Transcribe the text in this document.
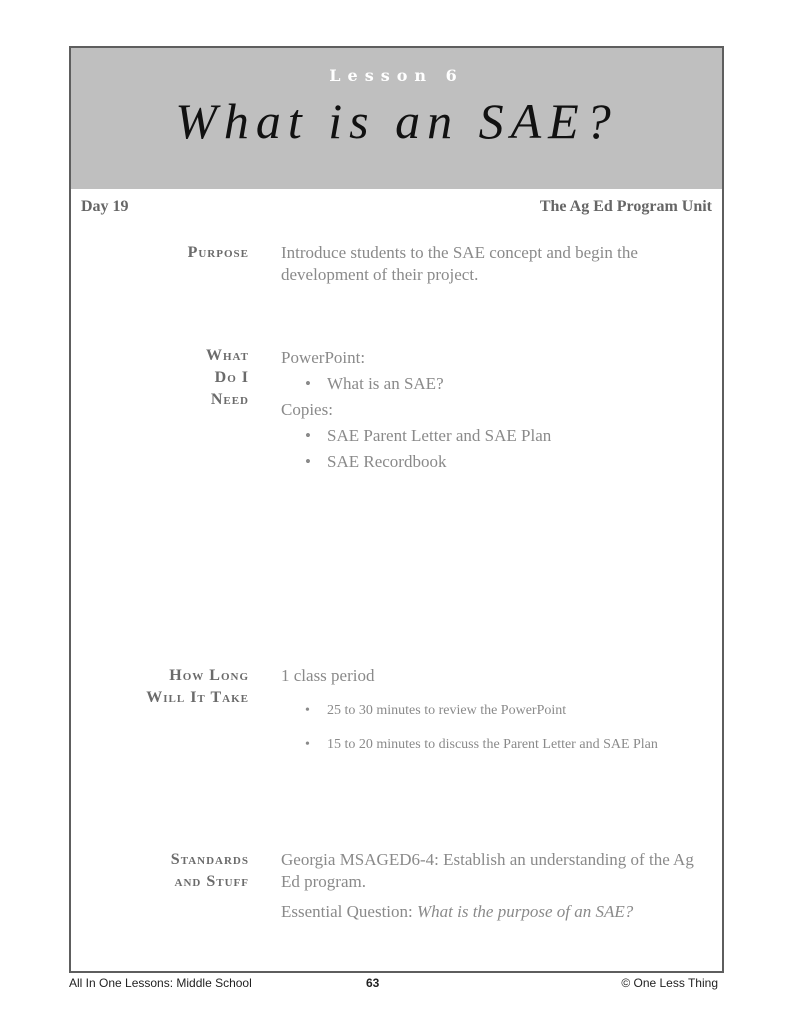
Lesson 6
What is an SAE?
Day 19	The Ag Ed Program Unit
Purpose Introduce students to the SAE concept and begin the development of their project.

What
Do I
Need

PowerPoint:

• What is an SAE?

Copies:

• SAE Parent Letter and SAE Plan
• SAE Recordbook
How Long
Will It Take

1 class period

• 25 to 30 minutes to review the PowerPoint
• 15 to 20 minutes to discuss the Parent Letter and SAE Plan
Standards
and Stuff

Georgia MSAGED6-4: Establish an understanding of the Ag Ed program.

Essential Question: What is the purpose of an SAE?

All In One Lessons: Middle School	63	© One Less Thing
